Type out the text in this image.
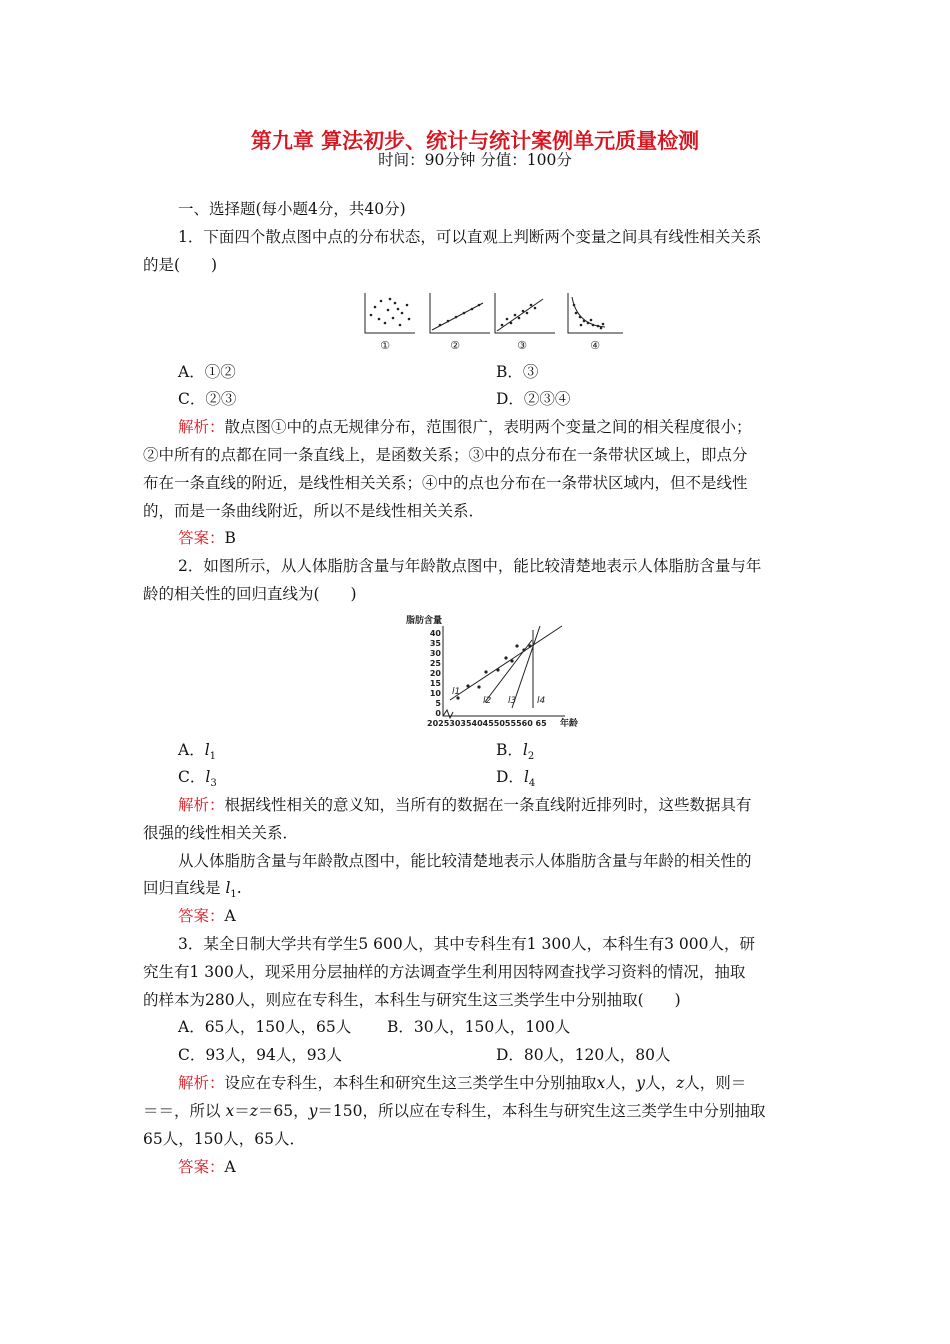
第九章 算法初步、统计与统计案例单元质量检测
时间：90分钟 分值：100分
一、选择题(每小题4分，共40分)
1．下面四个散点图中点的分布状态，可以直观上判断两个变量之间具有线性相关关系
的是(　　)
①	②	③	④
A．①②	B．③
C．②③	D．②③④
解析：散点图①中的点无规律分布，范围很广，表明两个变量之间的相关程度很小；
②中所有的点都在同一条直线上，是函数关系；③中的点分布在一条带状区域上，即点分
布在一条直线的附近，是线性相关关系；④中的点也分布在一条带状区域内，但不是线性
的，而是一条曲线附近，所以不是线性相关关系．
答案：B
2．如图所示，从人体脂肪含量与年龄散点图中，能比较清楚地表示人体脂肪含量与年
龄的相关性的回归直线为(　　)
脂肪含量
40
35
30
25
20
15
10
5
0
2025303540455055560 65 年龄
l1
l2 l3 l4
A．$l_1$	B．$l_2$
C．$l_3$	D．$l_4$
解析：根据线性相关的意义知，当所有的数据在一条直线附近排列时，这些数据具有
很强的线性相关关系．
从人体脂肪含量与年龄散点图中，能比较清楚地表示人体脂肪含量与年龄的相关性的
回归直线是 $l_1$.
答案：A
3．某全日制大学共有学生5 600人，其中专科生有1 300人，本科生有3 000人，研
究生有1 300人，现采用分层抽样的方法调查学生利用因特网查找学习资料的情况，抽取
的样本为280人，则应在专科生，本科生与研究生这三类学生中分别抽取(　　)
A．65人，150人，65人 B．30人，150人，100人
C．93人，94人，93人	D．80人，120人，80人
解析：设应在专科生，本科生和研究生这三类学生中分别抽取x人，y人，z人，则＝
＝＝，所以 x＝z＝65，y＝150，所以应在专科生，本科生与研究生这三类学生中分别抽取
65人，150人，65人．
答案：A
